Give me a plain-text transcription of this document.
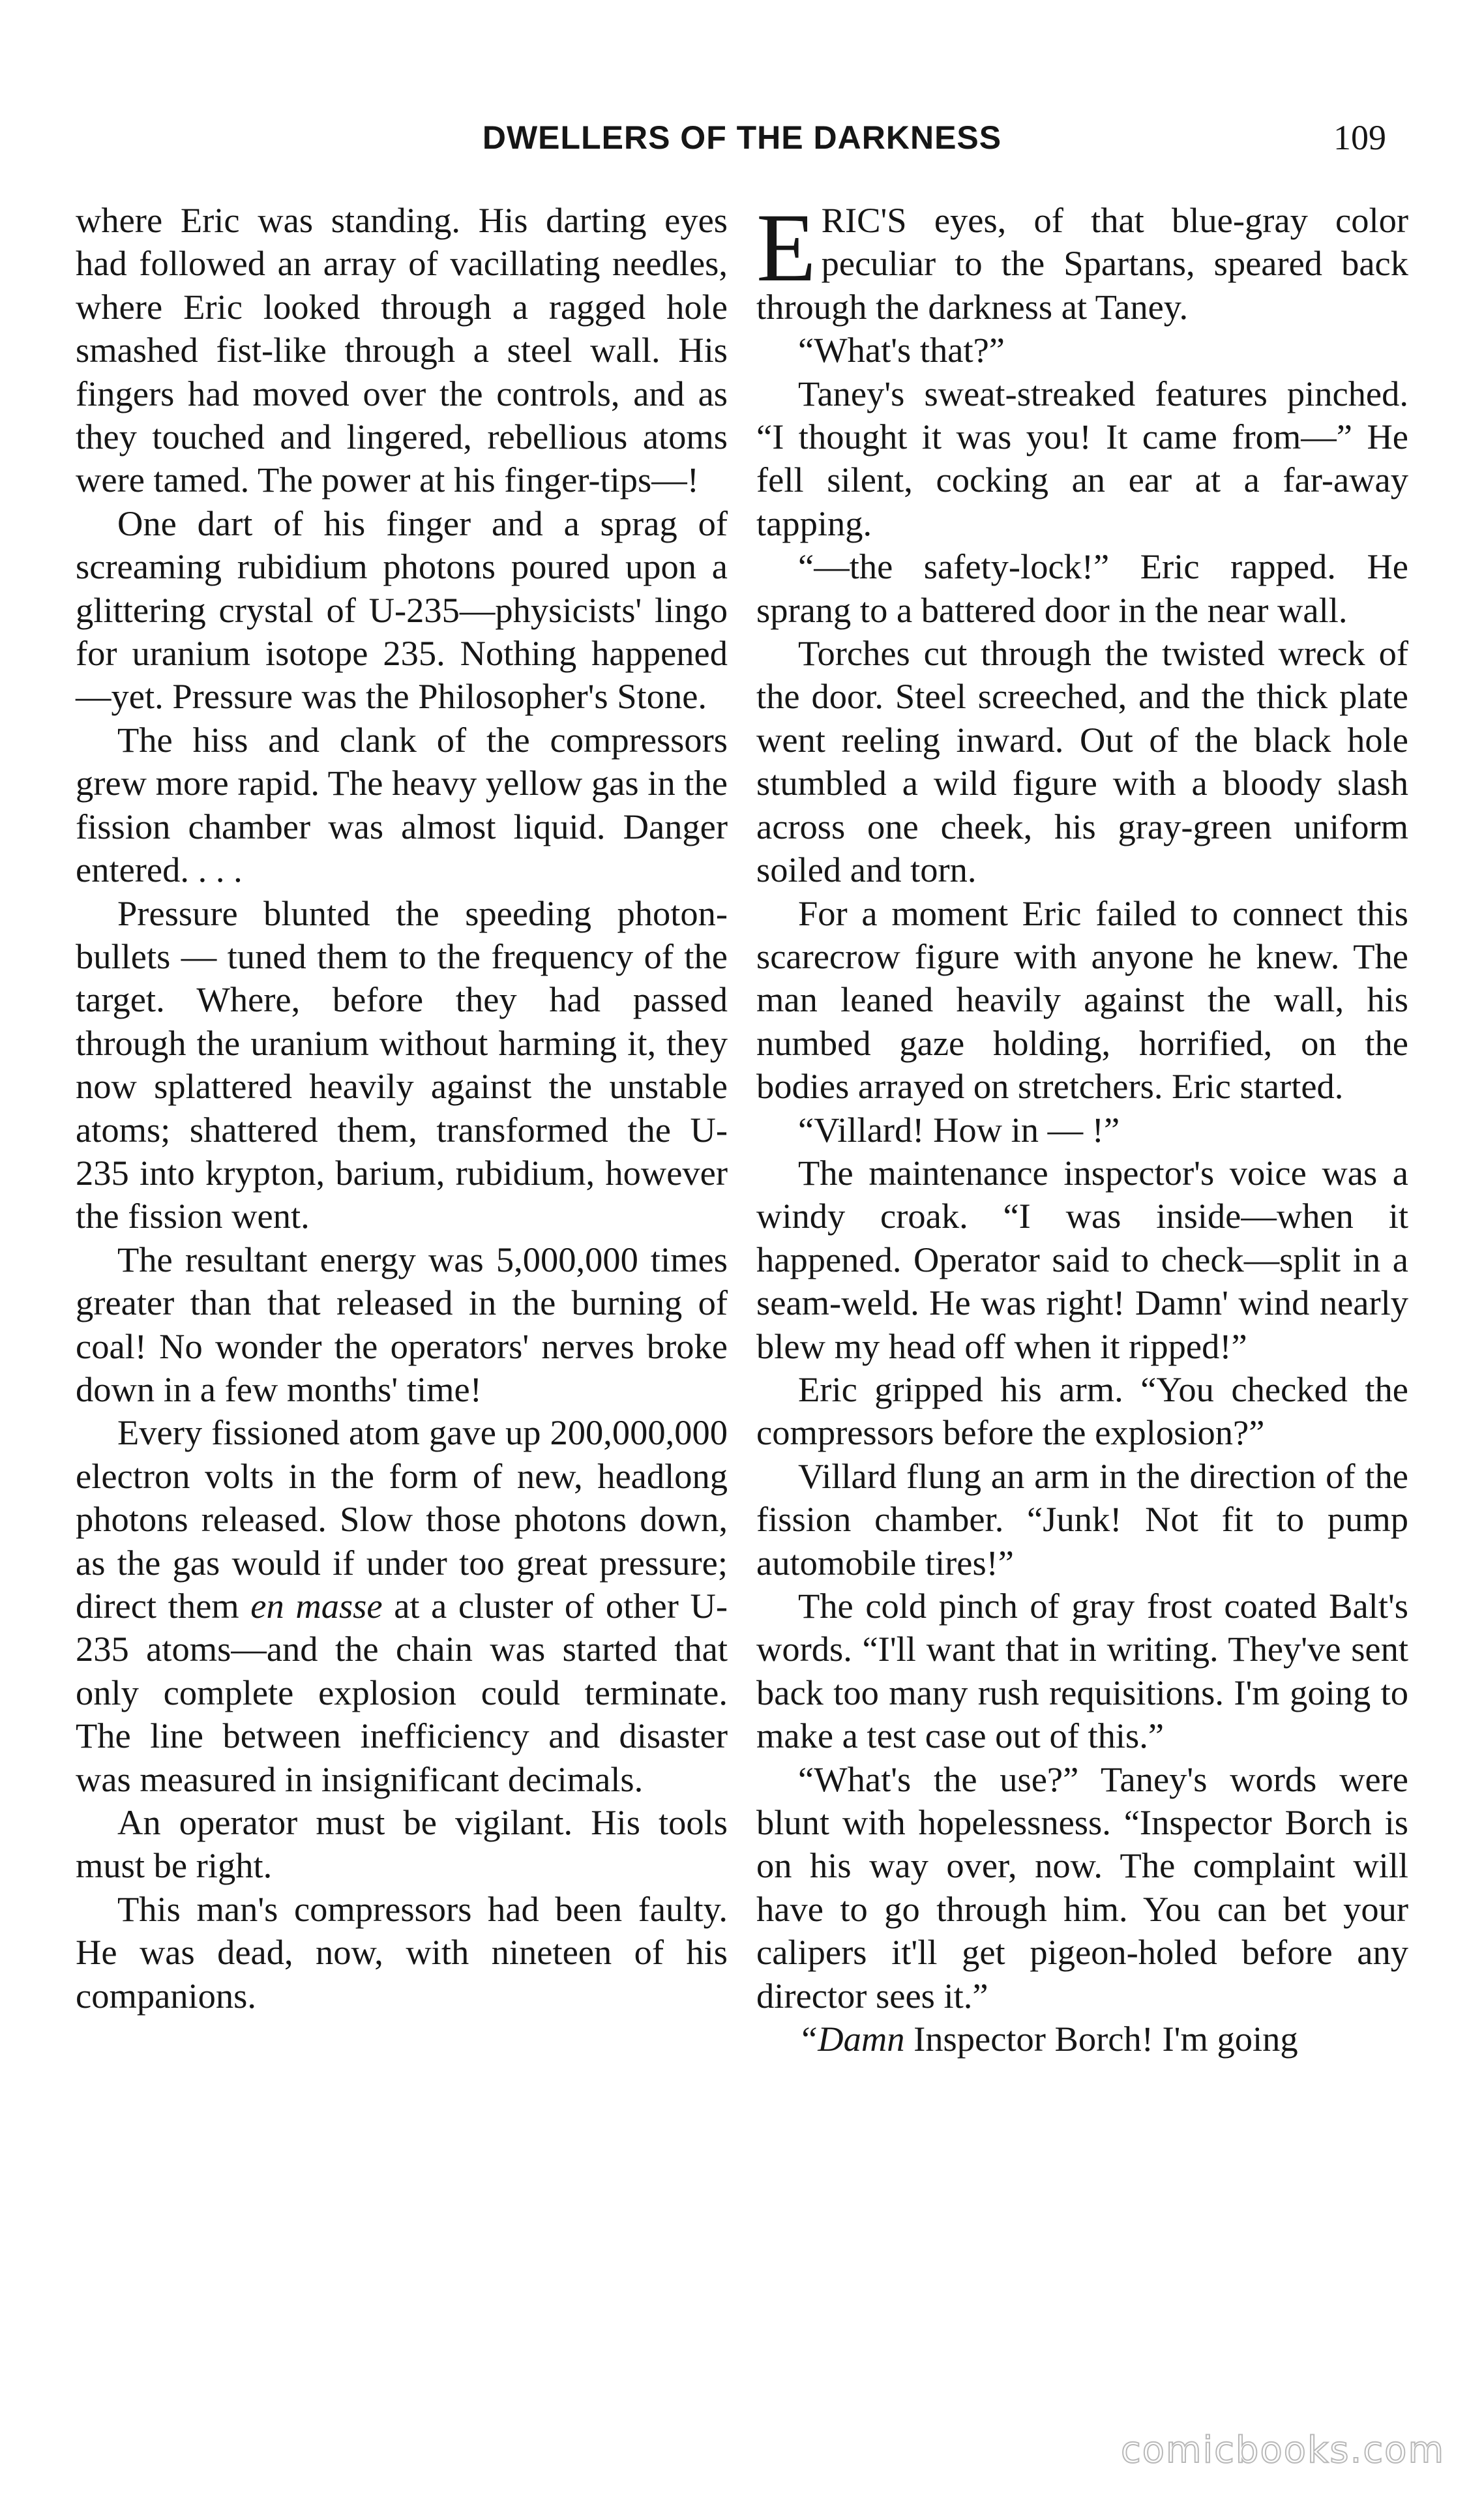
DWELLERS OF THE DARKNESS	109

where Eric was standing. His darting eyes had followed an array of vacillating needles, where Eric looked through a ragged hole smashed fist-like through a steel wall. His fingers had moved over the controls, and as they touched and lingered, rebellious atoms were tamed. The power at his finger-tips—!

One dart of his finger and a sprag of screaming rubidium photons poured upon a glittering crystal of U-235—physicists' lingo for uranium isotope 235. Nothing happened—yet. Pressure was the Philosopher's Stone.

The hiss and clank of the compressors grew more rapid. The heavy yellow gas in the fission chamber was almost liquid. Danger entered. . . .

Pressure blunted the speeding photon-bullets — tuned them to the frequency of the target. Where, before they had passed through the uranium without harming it, they now splattered heavily against the unstable atoms; shattered them, transformed the U-235 into krypton, barium, rubidium, however the fission went.

The resultant energy was 5,000,000 times greater than that released in the burning of coal! No wonder the operators' nerves broke down in a few months' time!

Every fissioned atom gave up 200,000,000 electron volts in the form of new, headlong photons released. Slow those photons down, as the gas would if under too great pressure; direct them en masse at a cluster of other U-235 atoms—and the chain was started that only complete explosion could terminate. The line between inefficiency and disaster was measured in insignificant decimals.

An operator must be vigilant. His tools must be right.

This man's compressors had been faulty. He was dead, now, with nineteen of his companions.

ERIC'S eyes, of that blue-gray color peculiar to the Spartans, speared back through the darkness at Taney.

“What's that?”

Taney's sweat-streaked features pinched. “I thought it was you! It came from—” He fell silent, cocking an ear at a far-away tapping.

“—the safety-lock!” Eric rapped. He sprang to a battered door in the near wall.

Torches cut through the twisted wreck of the door. Steel screeched, and the thick plate went reeling inward. Out of the black hole stumbled a wild figure with a bloody slash across one cheek, his gray-green uniform soiled and torn.

For a moment Eric failed to connect this scarecrow figure with anyone he knew. The man leaned heavily against the wall, his numbed gaze holding, horrified, on the bodies arrayed on stretchers. Eric started.

“Villard! How in — !”

The maintenance inspector's voice was a windy croak. “I was inside—when it happened. Operator said to check—split in a seam-weld. He was right! Damn' wind nearly blew my head off when it ripped!”

Eric gripped his arm. “You checked the compressors before the explosion?”

Villard flung an arm in the direction of the fission chamber. “Junk! Not fit to pump automobile tires!”

The cold pinch of gray frost coated Balt's words. “I'll want that in writing. They've sent back too many rush requisitions. I'm going to make a test case out of this.”

“What's the use?” Taney's words were blunt with hopelessness. “Inspector Borch is on his way over, now. The complaint will have to go through him. You can bet your calipers it'll get pigeon-holed before any director sees it.”

“Damn Inspector Borch! I'm going

comicbooks.com
